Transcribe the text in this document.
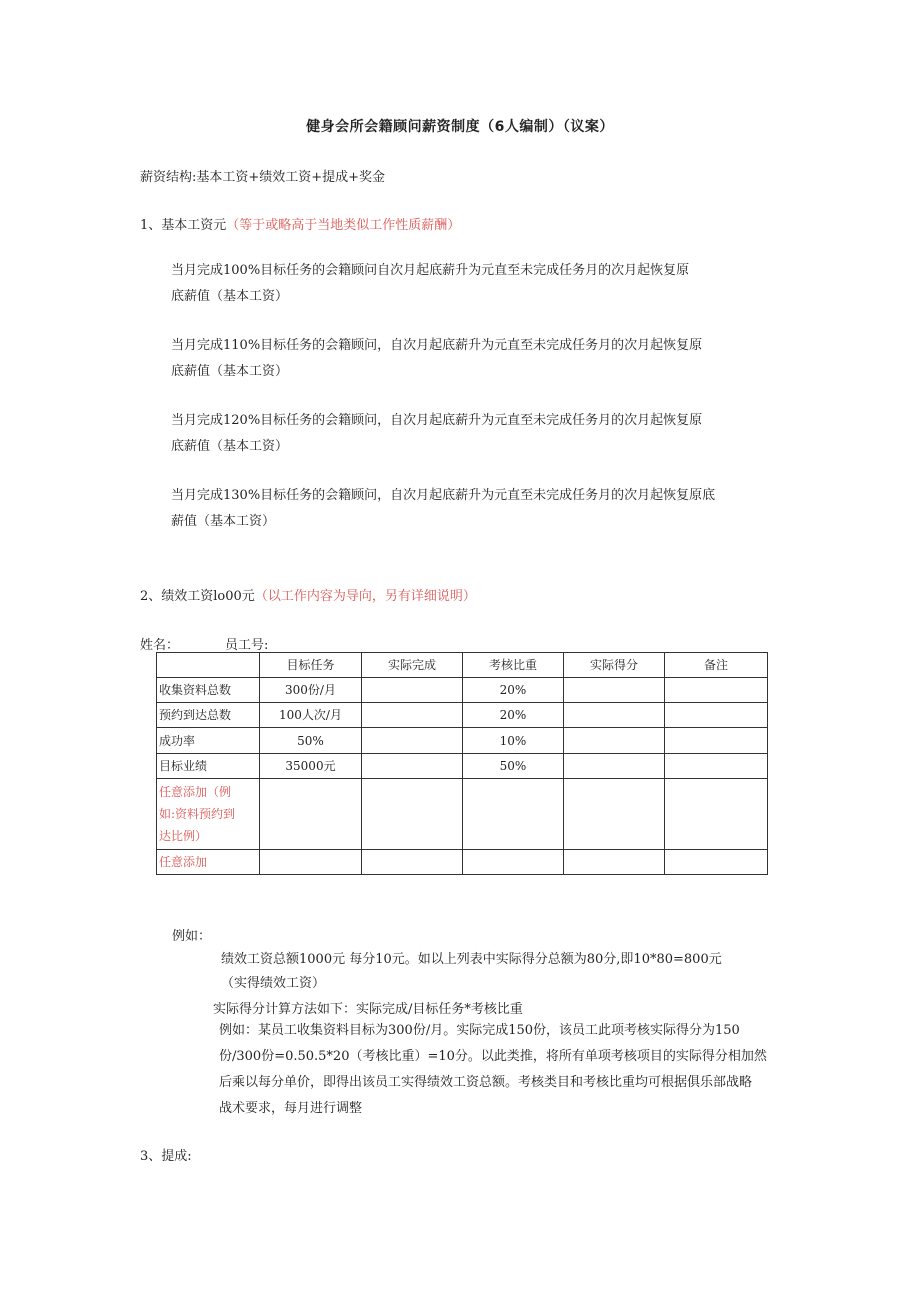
健身会所会籍顾问薪资制度（6人编制）（议案）
薪资结构:基本工资+绩效工资+提成+奖金
1、基本工资元（等于或略高于当地类似工作性质薪酬）
当月完成100%目标任务的会籍顾问自次月起底薪升为元直至未完成任务月的次月起恢复原
底薪值（基本工资）
当月完成110%目标任务的会籍顾问，自次月起底薪升为元直至未完成任务月的次月起恢复原
底薪值（基本工资）
当月完成120%目标任务的会籍顾问，自次月起底薪升为元直至未完成任务月的次月起恢复原
底薪值（基本工资）
当月完成130%目标任务的会籍顾问，自次月起底薪升为元直至未完成任务月的次月起恢复原底
薪值（基本工资）
2、绩效工资lo00元（以工作内容为导向，另有详细说明）
姓名：	员工号:
	目标任务	实际完成	考核比重	实际得分	备注
收集资料总数	300份/月		20%		
预约到达总数	100人次/月		20%		
成功率	50%		10%		
目标业绩	35000元		50%		

任意添加（例
如:资料预约到
达比例）					

任意添加					
例如：
绩效工资总额1000元 每分10元。如以上列表中实际得分总额为80分,即10*80=800元
（实得绩效工资）
实际得分计算方法如下：实际完成/目标任务*考核比重
例如：某员工收集资料目标为300份/月。实际完成150份，该员工此项考核实际得分为150
份/300份=0.50.5*20（考核比重）=10分。以此类推，将所有单项考核项目的实际得分相加然
后乘以每分单价，即得出该员工实得绩效工资总额。考核类目和考核比重均可根据俱乐部战略
战术要求，每月进行调整
3、提成:
